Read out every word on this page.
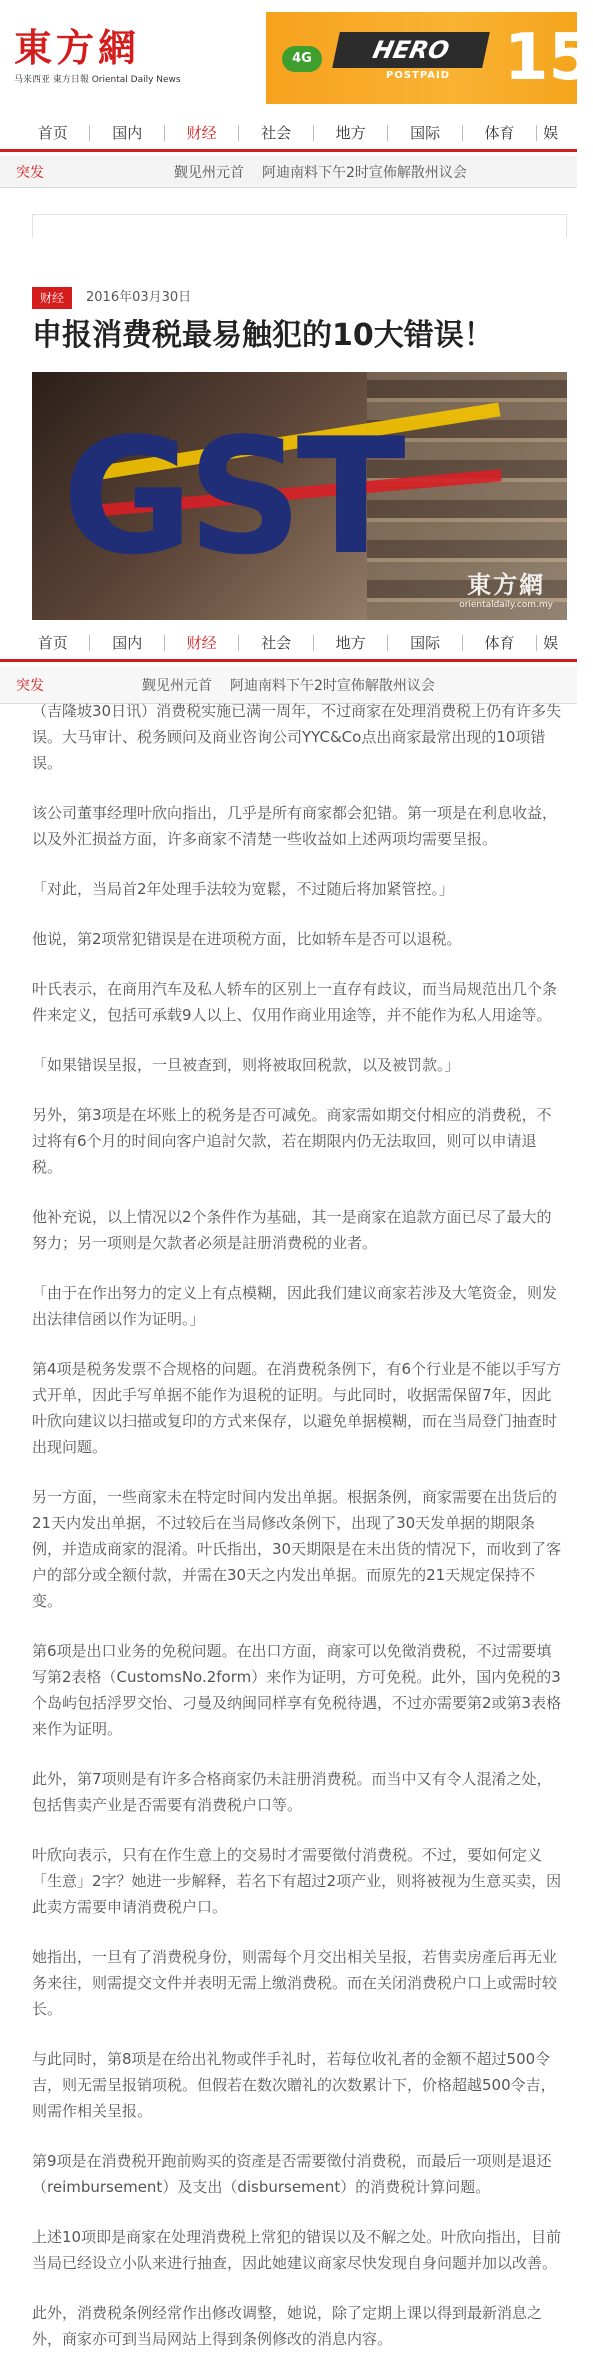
東方網
马来西亚 東方日報 Oriental Daily News
4G	HERO
POSTPAID 15
首页	国内	财经	社会	地方	国际	体育	娱
突发	觐见州元首 阿迪南料下午2时宣佈解散州议会
财经	2016年03月30日
申报消费税最易触犯的10大错误！
GST	東方網
orientaldaily.com.my
首页	国内	财经	社会	地方	国际	体育	娱
突发	觐见州元首 阿迪南料下午2时宣佈解散州议会

（吉隆坡30日讯）消费税实施已满一周年，不过商家在处理消费税上仍有许多失误。大马审计、税务顾问及商业咨询公司YYC&Co点出商家最常出现的10项错误。

该公司董事经理叶欣向指出，几乎是所有商家都会犯错。第一项是在利息收益，以及外汇损益方面，许多商家不清楚一些收益如上述两项均需要呈报。

「对此，当局首2年处理手法较为宽鬆，不过随后将加紧管控。」

他说，第2项常犯错误是在进项税方面，比如轿车是否可以退税。

叶氏表示，在商用汽车及私人轿车的区别上一直存有歧议，而当局规范出几个条件来定义，包括可承载9人以上、仅用作商业用途等，并不能作为私人用途等。

「如果错误呈报，一旦被查到，则将被取回税款，以及被罚款。」

另外，第3项是在坏账上的税务是否可减免。商家需如期交付相应的消费税，不过将有6个月的时间向客户追討欠款，若在期限内仍无法取回，则可以申请退税。

他补充说，以上情况以2个条件作为基础，其一是商家在追款方面已尽了最大的努力；另一项则是欠款者必须是註册消费税的业者。

「由于在作出努力的定义上有点模糊，因此我们建议商家若涉及大笔资金，则发出法律信函以作为证明。」

第4项是税务发票不合规格的问题。在消费税条例下，有6个行业是不能以手写方式开单，因此手写单据不能作为退税的证明。与此同时，收据需保留7年，因此叶欣向建议以扫描或复印的方式来保存，以避免单据模糊，而在当局登门抽查时出现问题。

另一方面，一些商家未在特定时间内发出单据。根据条例，商家需要在出货后的21天内发出单据，不过较后在当局修改条例下，出现了30天发单据的期限条例，并造成商家的混淆。叶氏指出，30天期限是在未出货的情况下，而收到了客户的部分或全额付款，并需在30天之内发出单据。而原先的21天规定保持不变。

第6项是出口业务的免税问题。在出口方面，商家可以免徵消费税，不过需要填写第2表格（CustomsNo.2form）来作为证明，方可免税。此外，国内免税的3个岛屿包括浮罗交怡、刁曼及纳闽同样享有免税待遇，不过亦需要第2或第3表格来作为证明。

此外，第7项则是有许多合格商家仍未註册消费税。而当中又有令人混淆之处，包括售卖产业是否需要有消费税户口等。

叶欣向表示，只有在作生意上的交易时才需要徵付消费税。不过，要如何定义「生意」2字？她进一步解释，若名下有超过2项产业，则将被视为生意买卖，因此卖方需要申请消费税户口。

她指出，一旦有了消费税身份，则需每个月交出相关呈报，若售卖房產后再无业务来往，则需提交文件并表明无需上缴消费税。而在关闭消费税户口上或需时较长。

与此同时，第8项是在给出礼物或伴手礼时，若每位收礼者的金额不超过500令吉，则无需呈报销项税。但假若在数次贈礼的次数累计下，价格超越500令吉，则需作相关呈报。

第9项是在消费税开跑前购买的资產是否需要徵付消费税，而最后一项则是退还（reimbursement）及支出（disbursement）的消费税计算问题。

上述10项即是商家在处理消费税上常犯的错误以及不解之处。叶欣向指出，目前当局已经设立小队来进行抽查，因此她建议商家尽快发现自身问题并加以改善。

此外，消费税条例经常作出修改调整，她说，除了定期上课以得到最新消息之外，商家亦可到当局网站上得到条例修改的消息内容。
